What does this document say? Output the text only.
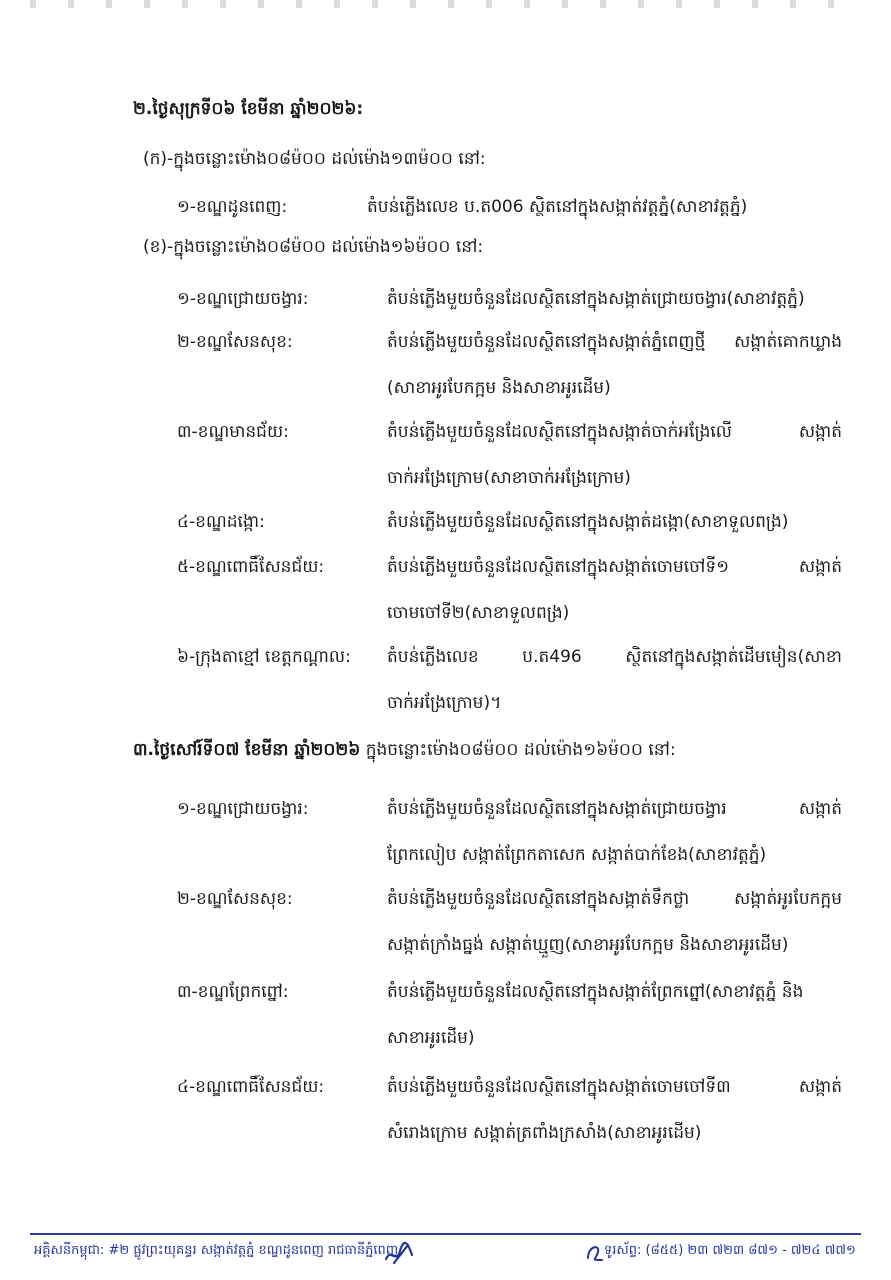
២.ថ្ងៃសុក្រទី០៦ ខែមីនា ឆ្នាំ២០២៦:
(ក)-ក្នុងចន្លោះម៉ោង០៨ម៉០០ ដល់ម៉ោង១៣ម៉០០ នៅ:
១-ខណ្ឌដូនពេញ:	តំបន់ភ្លើងលេខ ប.ត006 ស្ថិតនៅក្នុងសង្កាត់វត្តភ្នំ(សាខាវត្តភ្នំ)
(ខ)-ក្នុងចន្លោះម៉ោង០៨ម៉០០ ដល់ម៉ោង១៦ម៉០០ នៅ:
១-ខណ្ឌជ្រោយចង្វារ:	តំបន់ភ្លើងមួយចំនួនដែលស្ថិតនៅក្នុងសង្កាត់ជ្រោយចង្វារ(សាខាវត្តភ្នំ)
២-ខណ្ឌសែនសុខ:	តំបន់ភ្លើងមួយចំនួនដែលស្ថិតនៅក្នុងសង្កាត់ភ្នំពេញថ្មី សង្កាត់គោកឃ្លាង
(សាខាអូរបែកក្អម និងសាខាអូរដើម)
៣-ខណ្ឌមានជ័យ:	តំបន់ភ្លើងមួយចំនួនដែលស្ថិតនៅក្នុងសង្កាត់ចាក់អង្រែលើ	សង្កាត់
ចាក់អង្រែក្រោម(សាខាចាក់អង្រែក្រោម)
៤-ខណ្ឌដង្កោ:	តំបន់ភ្លើងមួយចំនួនដែលស្ថិតនៅក្នុងសង្កាត់ដង្កោ(សាខាទួលពង្រ)
៥-ខណ្ឌពោធិ៍សែនជ័យ:	តំបន់ភ្លើងមួយចំនួនដែលស្ថិតនៅក្នុងសង្កាត់ចោមចៅទី១	សង្កាត់
ចោមចៅទី២(សាខាទួលពង្រ)
៦-ក្រុងតាខ្មៅ ខេត្តកណ្តាល: តំបន់ភ្លើងលេខ	ប.ត496	ស្ថិតនៅក្នុងសង្កាត់ដើមមៀន(សាខា
ចាក់អង្រែក្រោម)។
៣.ថ្ងៃសៅរ៍ទី០៧ ខែមីនា ឆ្នាំ២០២៦ ក្នុងចន្លោះម៉ោង០៨ម៉០០ ដល់ម៉ោង១៦ម៉០០ នៅ:
១-ខណ្ឌជ្រោយចង្វារ:	តំបន់ភ្លើងមួយចំនួនដែលស្ថិតនៅក្នុងសង្កាត់ជ្រោយចង្វារ	សង្កាត់
ព្រែកលៀប សង្កាត់ព្រែកតាសេក សង្កាត់បាក់ខែង(សាខាវត្តភ្នំ)
២-ខណ្ឌសែនសុខ:	តំបន់ភ្លើងមួយចំនួនដែលស្ថិតនៅក្នុងសង្កាត់ទឹកថ្លា	សង្កាត់អូរបែកក្អម
សង្កាត់ក្រាំងធ្នង់ សង្កាត់ឃ្មួញ(សាខាអូរបែកក្អម និងសាខាអូរដើម)
៣-ខណ្ឌព្រែកព្នៅ:	តំបន់ភ្លើងមួយចំនួនដែលស្ថិតនៅក្នុងសង្កាត់ព្រែកព្នៅ(សាខាវត្តភ្នំ និង
សាខាអូរដើម)
៤-ខណ្ឌពោធិ៍សែនជ័យ:	តំបន់ភ្លើងមួយចំនួនដែលស្ថិតនៅក្នុងសង្កាត់ចោមចៅទី៣	សង្កាត់
សំរោងក្រោម សង្កាត់ត្រពាំងក្រសាំង(សាខាអូរដើម)
អគ្គិសនីកម្ពុជា: #២ ផ្លូវព្រះយុគន្ធរ សង្កាត់វត្តភ្នំ ខណ្ឌដូនពេញ រាជធានីភ្នំពេញ	ទូរស័ព្ទ: (៨៥៥) ២៣ ៧២៣ ៨៧១ - ៧២៤ ៧៧១
